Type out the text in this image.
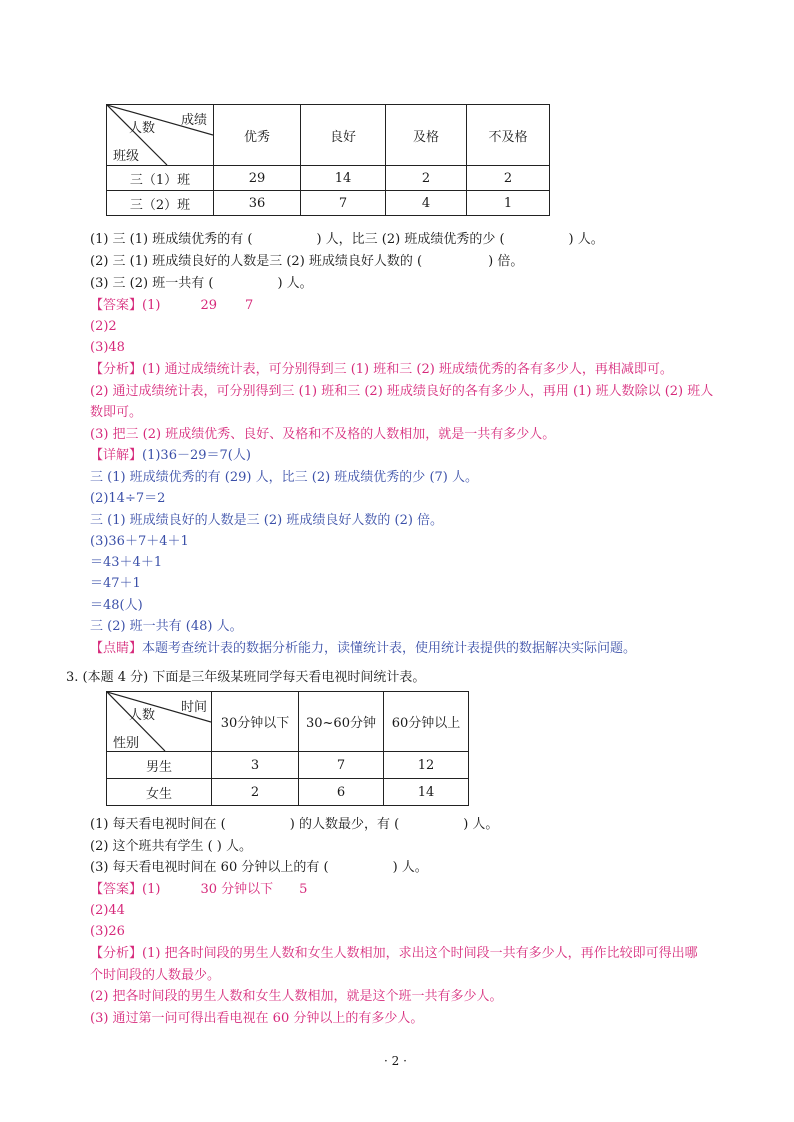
成绩
人数
班级	优秀	良好	及格	不及格
三（1）班	29	14	2	2
三（2）班	36	7	4	1
(1) 三 (1) 班成绩优秀的有 (	) 人，比三 (2) 班成绩优秀的少 (	) 人。
(2) 三 (1) 班成绩良好的人数是三 (2) 班成绩良好人数的 (	) 倍。
(3) 三 (2) 班一共有 (	) 人。
【答案】(1)	29 7
(2)2
(3)48
【分析】(1) 通过成绩统计表，可分别得到三 (1) 班和三 (2) 班成绩优秀的各有多少人，再相减即可。
(2) 通过成绩统计表，可分别得到三 (1) 班和三 (2) 班成绩良好的各有多少人，再用 (1) 班人数除以 (2) 班人
数即可。
(3) 把三 (2) 班成绩优秀、良好、及格和不及格的人数相加，就是一共有多少人。
【详解】(1)36－29＝7(人)
三 (1) 班成绩优秀的有 (29) 人，比三 (2) 班成绩优秀的少 (7) 人。
(2)14÷7＝2
三 (1) 班成绩良好的人数是三 (2) 班成绩良好人数的 (2) 倍。
(3)36＋7＋4＋1
＝43＋4＋1
＝47＋1
＝48(人)
三 (2) 班一共有 (48) 人。
【点睛】本题考查统计表的数据分析能力，读懂统计表，使用统计表提供的数据解决实际问题。
3. (本题 4 分) 下面是三年级某班同学每天看电视时间统计表。
时间
人数
性别	30分钟以下	30~60分钟	60分钟以上
男生	3	7	12
女生	2	6	14
(1) 每天看电视时间在 (	) 的人数最少，有 (	) 人。
(2) 这个班共有学生 ( ) 人。
(3) 每天看电视时间在 60 分钟以上的有 (	) 人。
【答案】(1)	30 分钟以下 5
(2)44
(3)26
【分析】(1) 把各时间段的男生人数和女生人数相加，求出这个时间段一共有多少人，再作比较即可得出哪
个时间段的人数最少。
(2) 把各时间段的男生人数和女生人数相加，就是这个班一共有多少人。
(3) 通过第一问可得出看电视在 60 分钟以上的有多少人。
· 2 ·
